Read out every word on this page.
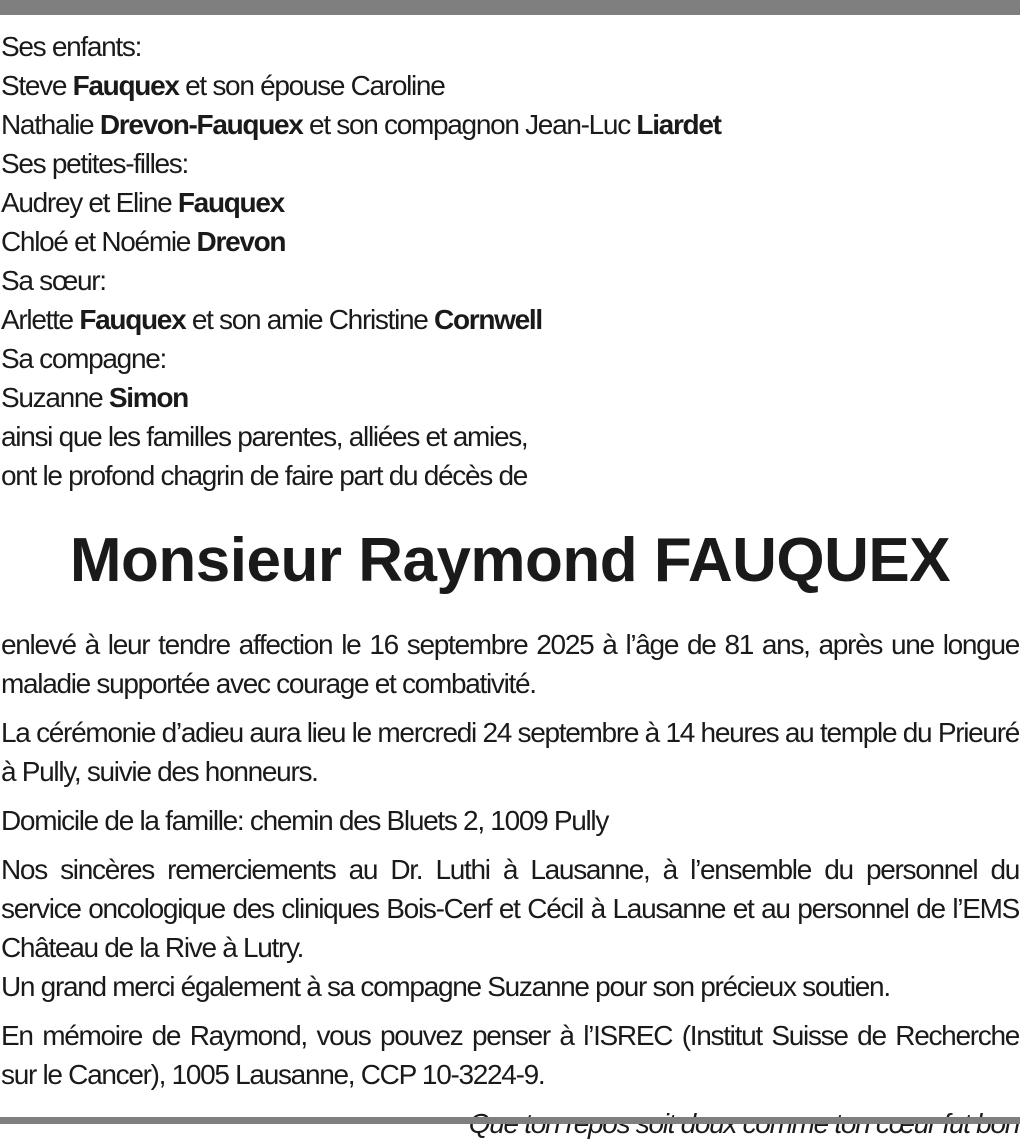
Ses enfants:
Steve Fauquex et son épouse Caroline
Nathalie Drevon-Fauquex et son compagnon Jean-Luc Liardet
Ses petites-filles:
Audrey et Eline Fauquex
Chloé et Noémie Drevon
Sa sœur:
Arlette Fauquex et son amie Christine Cornwell
Sa compagne:
Suzanne Simon
ainsi que les familles parentes, alliées et amies,
ont le profond chagrin de faire part du décès de
Monsieur Raymond FAUQUEX

enlevé à leur tendre affection le 16 septembre 2025 à l’âge de 81 ans, après une longue maladie supportée avec courage et combativité.

La cérémonie d’adieu aura lieu le mercredi 24 septembre à 14 heures au temple du Prieuré à Pully, suivie des honneurs.

Domicile de la famille: chemin des Bluets 2, 1009 Pully

Nos sincères remerciements au Dr. Luthi à Lausanne, à l’ensemble du personnel du service oncologique des cliniques Bois-Cerf et Cécil à Lausanne et au personnel de l’EMS Château de la Rive à Lutry.

Un grand merci également à sa compagne Suzanne pour son précieux soutien.

En mémoire de Raymond, vous pouvez penser à l’ISREC (Institut Suisse de Recherche sur le Cancer), 1005 Lausanne, CCP 10-3224-9.
